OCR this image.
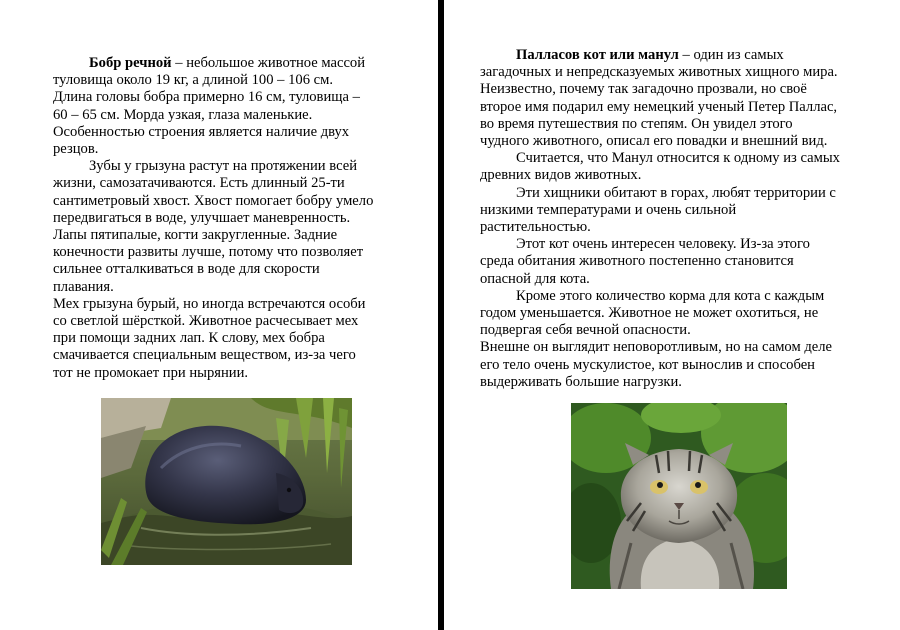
Бобр речной – небольшое животное массой
туловища около 19 кг, а длиной 100 – 106 см.
Длина головы бобра примерно 16 см, туловища –
60 – 65 см. Морда узкая, глаза маленькие.
Особенностью строения является наличие двух
резцов.

Зубы у грызуна растут на протяжении всей
жизни, самозатачиваются. Есть длинный 25-ти
сантиметровый хвост. Хвост помогает бобру умело
передвигаться в воде, улучшает маневренность.
Лапы пятипалые, когти закругленные. Задние
конечности развиты лучше, потому что позволяет
сильнее отталкиваться в воде для скорости
плавания.

Мех грызуна бурый, но иногда встречаются особи
со светлой шёрсткой. Животное расчесывает мех
при помощи задних лап. К слову, мех бобра
смачивается специальным веществом, из-за чего
тот не промокает при нырянии.

Палласов кот или манул – один из самых
загадочных и непредсказуемых животных хищного мира.
Неизвестно, почему так загадочно прозвали, но своё
второе имя подарил ему немецкий ученый Петер Паллас,
во время путешествия по степям. Он увидел этого
чудного животного, описал его повадки и внешний вид.

Считается, что Манул относится к одному из самых
древних видов животных.

Эти хищники обитают в горах, любят территории с
низкими температурами и очень сильной
растительностью.

Этот кот очень интересен человеку. Из-за этого
среда обитания животного постепенно становится
опасной для кота.

Кроме этого количество корма для кота с каждым
годом уменьшается. Животное не может охотиться, не
подвергая себя вечной опасности.

Внешне он выглядит неповоротливым, но на самом деле
его тело очень мускулистое, кот вынослив и способен
выдерживать большие нагрузки.
